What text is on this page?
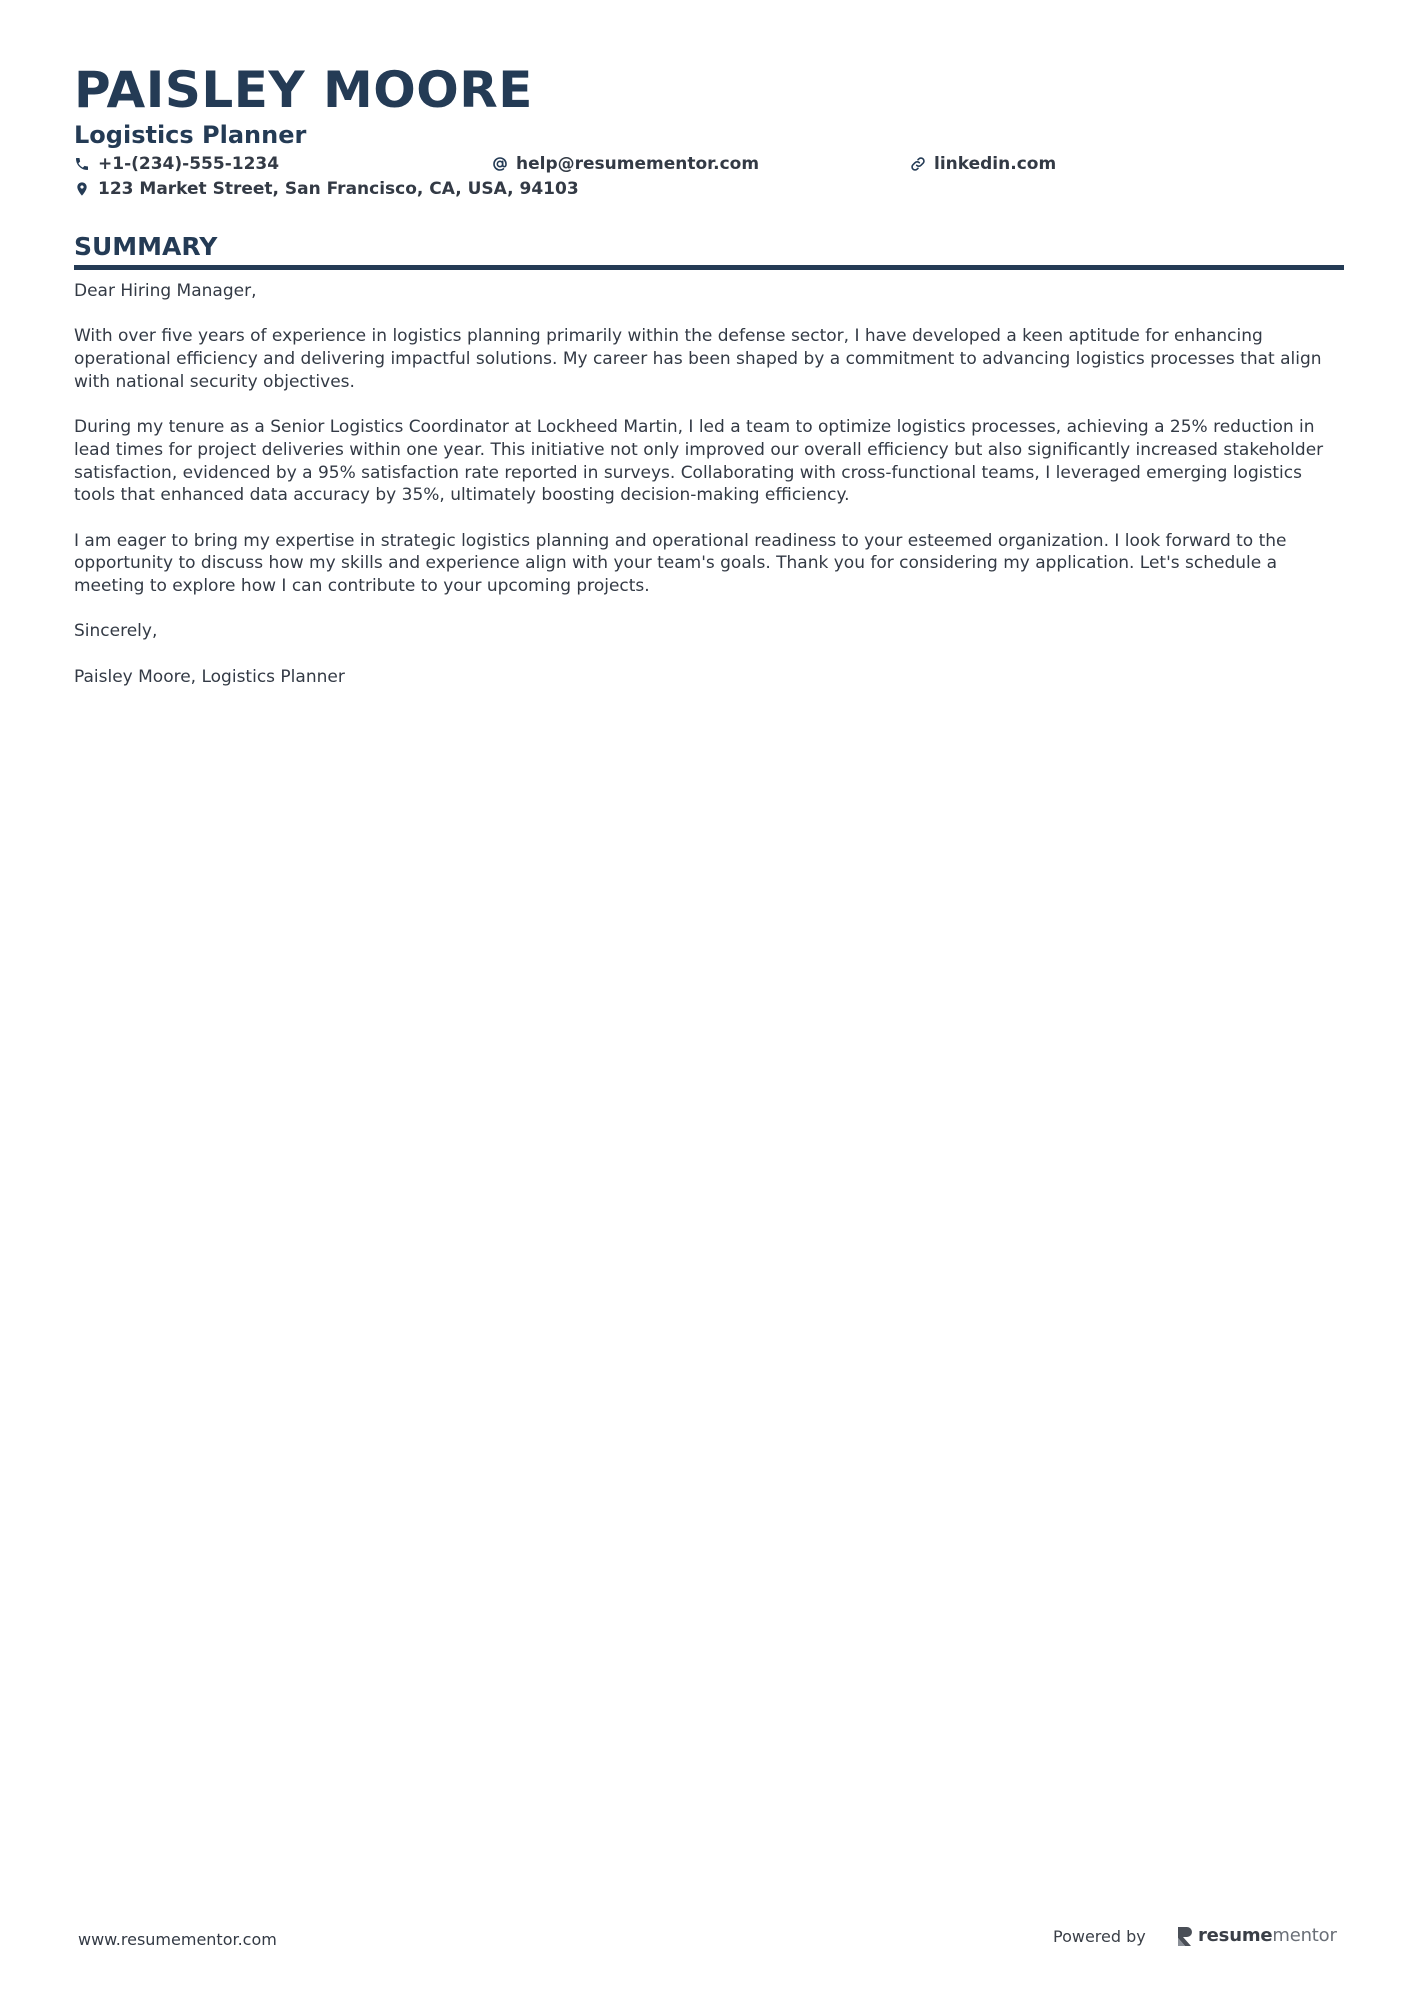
PAISLEY MOORE
Logistics Planner
+1-(234)-555-1234	help@resumementor.com	linkedin.com
123 Market Street, San Francisco, CA, USA, 94103
SUMMARY

Dear Hiring Manager,

With over five years of experience in logistics planning primarily within the defense sector, I have developed a keen aptitude for enhancing operational efficiency and delivering impactful solutions. My career has been shaped by a commitment to advancing logistics processes that align with national security objectives.

During my tenure as a Senior Logistics Coordinator at Lockheed Martin, I led a team to optimize logistics processes, achieving a 25% reduction in lead times for project deliveries within one year. This initiative not only improved our overall efficiency but also significantly increased stakeholder satisfaction, evidenced by a 95% satisfaction rate reported in surveys. Collaborating with cross-functional teams, I leveraged emerging logistics tools that enhanced data accuracy by 35%, ultimately boosting decision-making efficiency.

I am eager to bring my expertise in strategic logistics planning and operational readiness to your esteemed organization. I look forward to the opportunity to discuss how my skills and experience align with your team's goals. Thank you for considering my application. Let's schedule a meeting to explore how I can contribute to your upcoming projects.

Sincerely,

Paisley Moore, Logistics Planner

www.resumementor.com	Powered by	resumementor
